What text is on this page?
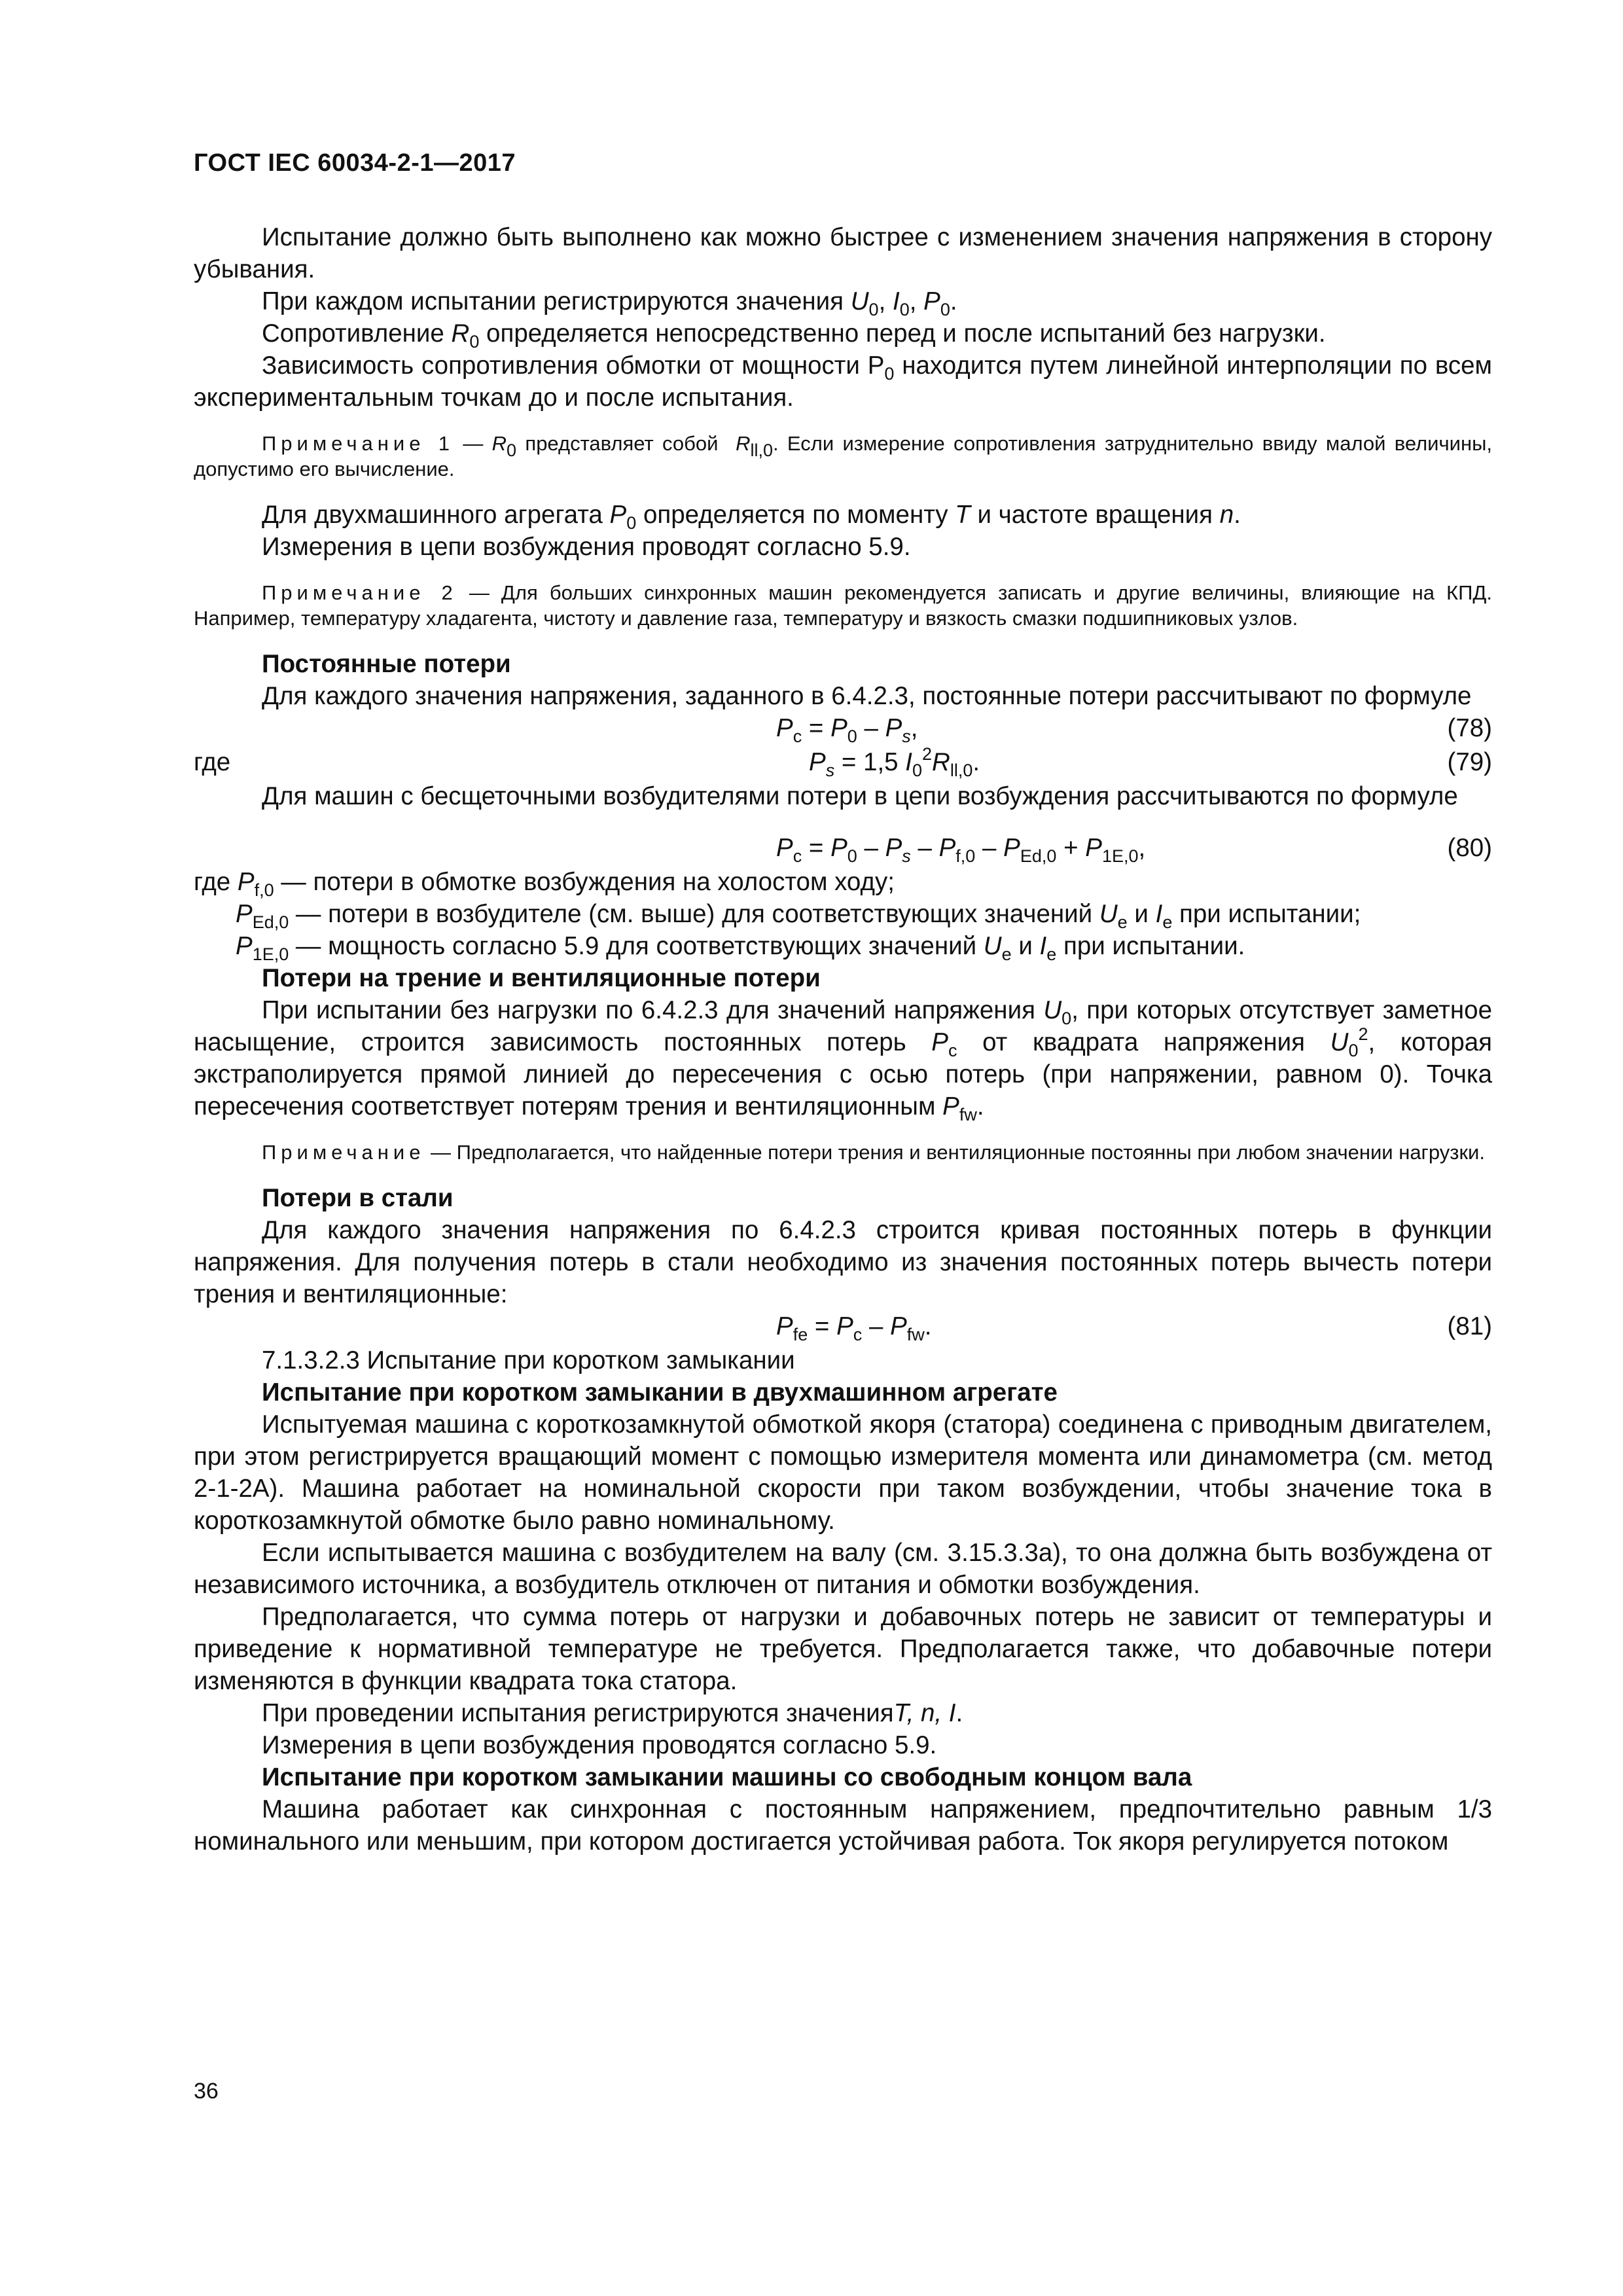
ГОСТ IEC 60034-2-1—2017

Испытание должно быть выполнено как можно быстрее с изменением значения напряжения в сторону убывания.

При каждом испытании регистрируются значения $U_0$, $I_0$, $P_0$.

Сопротивление $R_0$ определяется непосредственно перед и после испытаний без нагрузки.

Зависимость сопротивления обмотки от мощности $P_0$ находится путем линейной интерполяции по всем экспериментальным точкам до и после испытания.

Примечание 1 — $R_0$ представляет собой  $R_{ll,0}$. Если измерение сопротивления затруднительно ввиду малой величины, допустимо его вычисление.

Для двухмашинного агрегата $P_0$ определяется по моменту T и частоте вращения n.

Измерения в цепи возбуждения проводят согласно 5.9.

Примечание 2 — Для больших синхронных машин рекомендуется записать и другие величины, влияющие на КПД. Например, температуру хладагента, чистоту и давление газа, температуру и вязкость смазки подшипниковых узлов.

Постоянные потери

Для каждого значения напряжения, заданного в 6.4.2.3, постоянные потери рассчитывают по формуле

$P_c = P_0 - P_s$,	(78)
где	$P_s = 1,5$ $I_0^2R_{ll,0}$.	(79)

Для машин с бесщеточными возбудителями потери в цепи возбуждения рассчитываются по формуле

$P_c = P_0 - P_s - P_{f,0} - P_{Ed,0} + P_{1E,0}$,	(80)

где $P_{f,0}$ — потери в обмотке возбуждения на холостом ходу;

$P_{Ed,0}$ — потери в возбудителе (см. выше) для соответствующих значений $U_e$ и $I_e$ при испытании;

$P_{1E,0}$ — мощность согласно 5.9 для соответствующих значений $U_e$ и $I_e$ при испытании.

Потери на трение и вентиляционные потери

При испытании без нагрузки по 6.4.2.3 для значений напряжения $U_0$, при которых отсутствует заметное насыщение, строится зависимость постоянных потерь $P_c$ от квадрата напряжения $U_0^2$, которая экстраполируется прямой линией до пересечения с осью потерь (при напряжении, равном 0). Точка пересечения соответствует потерям трения и вентиляционным $P_{fw}$.

Примечание — Предполагается, что найденные потери трения и вентиляционные постоянны при любом значении нагрузки.

Потери в стали

Для каждого значения напряжения по 6.4.2.3 строится кривая постоянных потерь в функции напряжения. Для получения потерь в стали необходимо из значения постоянных потерь вычесть потери трения и вентиляционные:

$P_{fe} = P_c - P_{fw}$.	(81)

7.1.3.2.3 Испытание при коротком замыкании

Испытание при коротком замыкании в двухмашинном агрегате

Испытуемая машина с короткозамкнутой обмоткой якоря (статора) соединена с приводным двигателем, при этом регистрируется вращающий момент с помощью измерителя момента или динамометра (см. метод 2-1-2А). Машина работает на номинальной скорости при таком возбуждении, чтобы значение тока в короткозамкнутой обмотке было равно номинальному.

Если испытывается машина с возбудителем на валу (см. 3.15.3.3а), то она должна быть возбуждена от независимого источника, а возбудитель отключен от питания и обмотки возбуждения.

Предполагается, что сумма потерь от нагрузки и добавочных потерь не зависит от температуры и приведение к нормативной температуре не требуется. Предполагается также, что добавочные потери изменяются в функции квадрата тока статора.

При проведении испытания регистрируются значенияT, n, I.

Измерения в цепи возбуждения проводятся согласно 5.9.

Испытание при коротком замыкании машины со свободным концом вала

Машина работает как синхронная с постоянным напряжением, предпочтительно равным 1/3 номинального или меньшим, при котором достигается устойчивая работа. Ток якоря регулируется потоком

36
